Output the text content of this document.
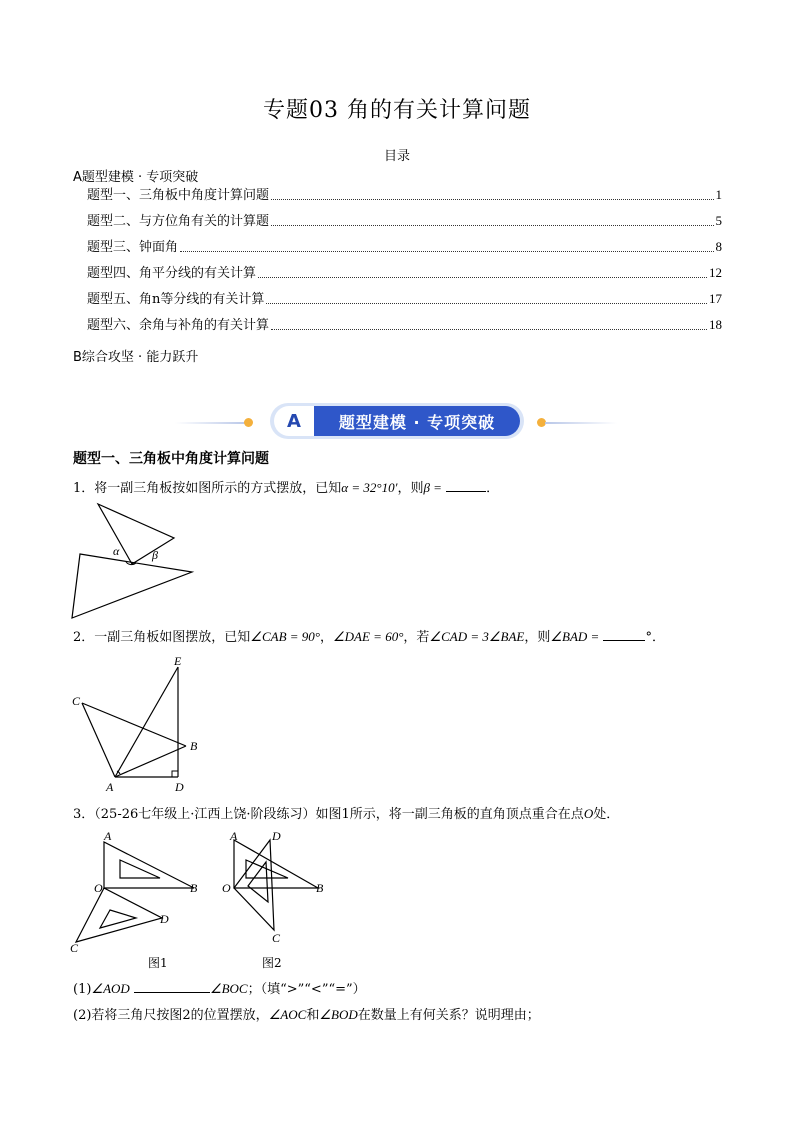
专题03 角的有关计算问题
目录
A题型建模 · 专项突破
题型一、三角板中角度计算问题	1
题型二、与方位角有关的计算题	5
题型三、钟面角	8
题型四、角平分线的有关计算	12
题型五、角n等分线的有关计算	17
题型六、余角与补角的有关计算	18
B综合攻坚 · 能力跃升
A	题型建模 · 专项突破
题型一、三角板中角度计算问题
1．将一副三角板按如图所示的方式摆放，已知α = 32°10′，则β =	．
α	β
2．一副三角板如图摆放，已知∠CAB = 90°，∠DAE = 60°，若∠CAD = 3∠BAE，则∠BAD =	°．
E
C
B
A	D
3．（25-26七年级上·江西上饶·阶段练习）如图1所示，将一副三角板的直角顶点重合在点O处．
A
O	B
D
C
图1
A	D
O	B
C
图2
(1)∠AOD	∠BOC；（填“>”“<”“=”）
(2)若将三角尺按图2的位置摆放，∠AOC和∠BOD在数量上有何关系？说明理由；
